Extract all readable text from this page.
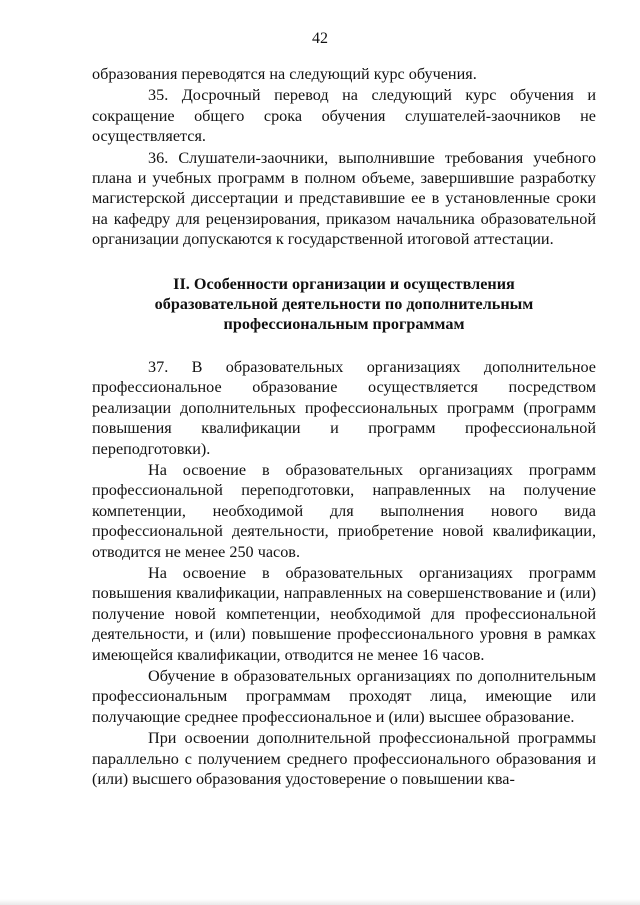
42

образования переводятся на следующий курс обучения.

35. Досрочный перевод на следующий курс обучения и сокращение общего срока обучения слушателей-заочников не осуществляется.

36. Слушатели-заочники, выполнившие требования учебного плана и учебных программ в полном объеме, завершившие разработку магистерской диссертации и представившие ее в установленные сроки на кафедру для рецензирования, приказом начальника образовательной организации допускаются к государственной итоговой аттестации.

II. Особенности организации и осуществления
образовательной деятельности по дополнительным
профессиональным программам

37. В образовательных организациях дополнительное профессиональное образование осуществляется посредством реализации дополнительных профессиональных программ (программ повышения квалификации и программ профессиональной переподготовки).

На освоение в образовательных организациях программ профессиональной переподготовки, направленных на получение компетенции, необходимой для выполнения нового вида профессиональной деятельности, приобретение новой квалификации, отводится не менее 250 часов.

На освоение в образовательных организациях программ повышения квалификации, направленных на совершенствование и (или) получение новой компетенции, необходимой для профессиональной деятельности, и (или) повышение профессионального уровня в рамках имеющейся квалификации, отводится не менее 16 часов.

Обучение в образовательных организациях по дополнительным профессиональным программам проходят лица, имеющие или получающие среднее профессиональное и (или) высшее образование.

При освоении дополнительной профессиональной программы параллельно с получением среднего профессионального образования и (или) высшего образования удостоверение о повышении ква-
